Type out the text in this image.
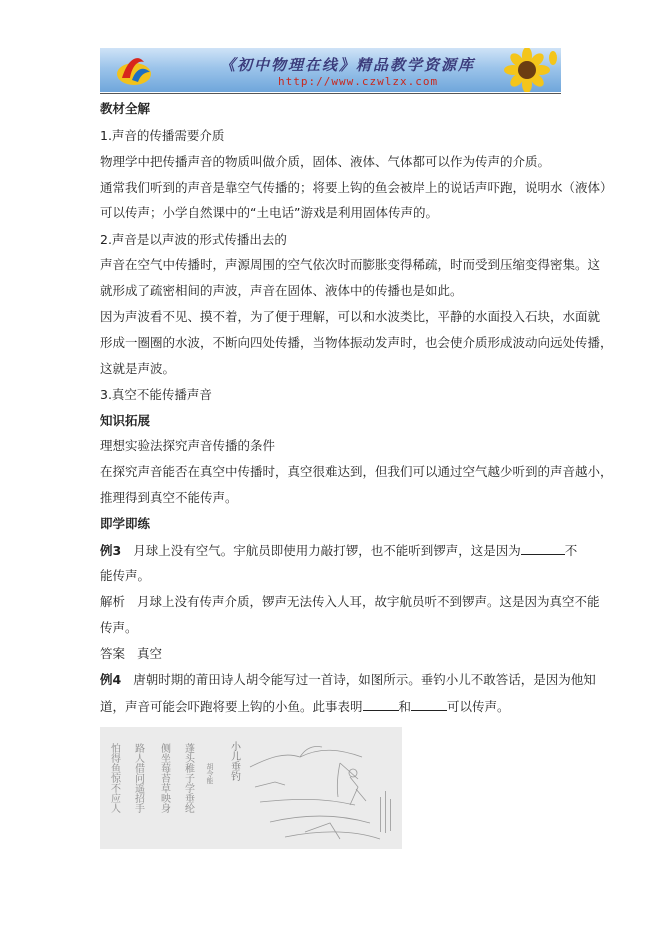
《初中物理在线》精品教学资源库
http://www.czwlzx.com
教材全解
1.声音的传播需要介质
物理学中把传播声音的物质叫做介质，固体、液体、气体都可以作为传声的介质。
通常我们听到的声音是靠空气传播的；将要上钩的鱼会被岸上的说话声吓跑，说明水（液体）
可以传声；小学自然课中的“土电话”游戏是利用固体传声的。
2.声音是以声波的形式传播出去的
声音在空气中传播时，声源周围的空气依次时而膨胀变得稀疏，时而受到压缩变得密集。这
就形成了疏密相间的声波，声音在固体、液体中的传播也是如此。
因为声波看不见、摸不着，为了便于理解，可以和水波类比，平静的水面投入石块，水面就
形成一圈圈的水波，不断向四处传播，当物体振动发声时，也会使介质形成波动向远处传播，
这就是声波。
3.真空不能传播声音
知识拓展
理想实验法探究声音传播的条件
在探究声音能否在真空中传播时，真空很难达到，但我们可以通过空气越少听到的声音越小，
推理得到真空不能传声。
即学即练
例3 月球上没有空气。宇航员即使用力敲打锣，也不能听到锣声，这是因为	不
能传声。
解析 月球上没有传声介质，锣声无法传入人耳，故宇航员听不到锣声。这是因为真空不能
传声。
答案 真空
例4 唐朝时期的莆田诗人胡令能写过一首诗，如图所示。垂钓小儿不敢答话，是因为他知
道，声音可能会吓跑将要上钩的小鱼。此事表明	和	可以传声。
小儿垂钓
胡令能
蓬头稚子学垂纶
侧坐莓苔草映身
路人借问遥招手
怕得鱼惊不应人
